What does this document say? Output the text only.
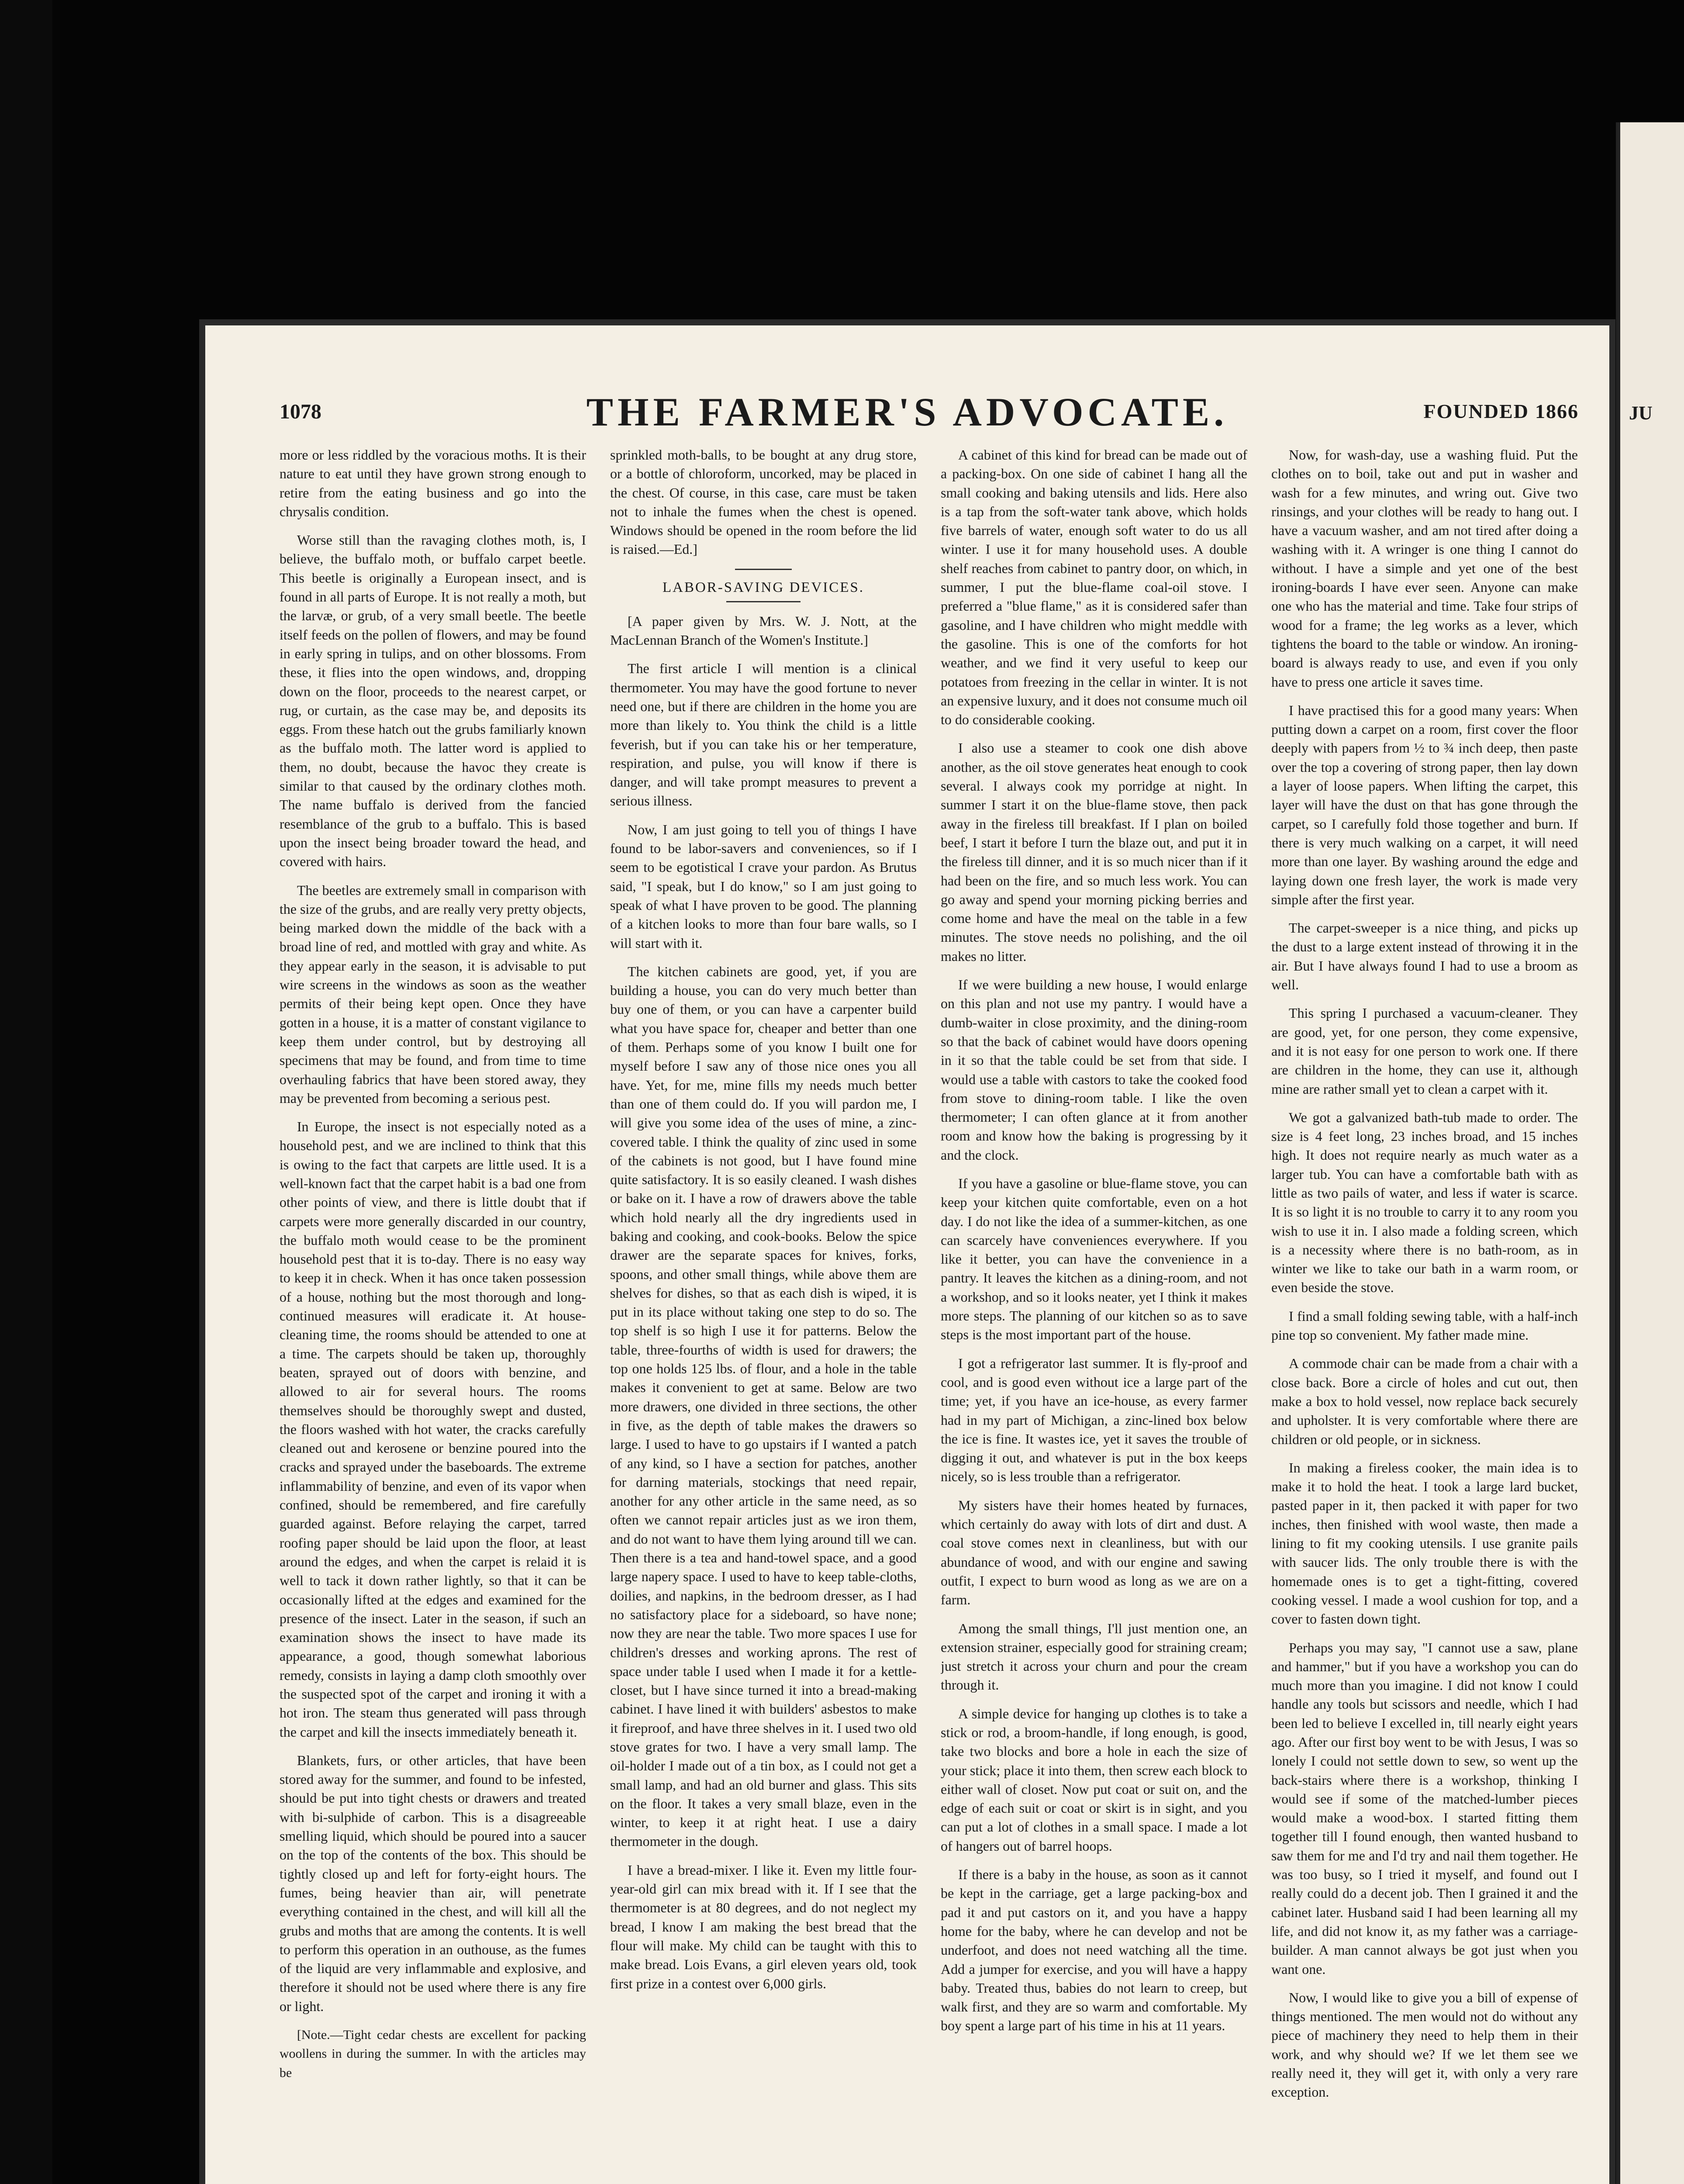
JU
1078	THE FARMER'S ADVOCATE.	FOUNDED 1866

more or less riddled by the voracious moths. It is their nature to eat until they have grown strong enough to retire from the eating business and go into the chrysalis condition.

Worse still than the ravaging clothes moth, is, I believe, the buffalo moth, or buffalo carpet beetle. This beetle is originally a European insect, and is found in all parts of Europe. It is not really a moth, but the larvæ, or grub, of a very small beetle. The beetle itself feeds on the pollen of flowers, and may be found in early spring in tulips, and on other blossoms. From these, it flies into the open windows, and, dropping down on the floor, proceeds to the nearest carpet, or rug, or curtain, as the case may be, and deposits its eggs. From these hatch out the grubs familiarly known as the buffalo moth. The latter word is applied to them, no doubt, because the havoc they create is similar to that caused by the ordinary clothes moth. The name buffalo is derived from the fancied resemblance of the grub to a buffalo. This is based upon the insect being broader toward the head, and covered with hairs.

The beetles are extremely small in comparison with the size of the grubs, and are really very pretty objects, being marked down the middle of the back with a broad line of red, and mottled with gray and white. As they appear early in the season, it is advisable to put wire screens in the windows as soon as the weather permits of their being kept open. Once they have gotten in a house, it is a matter of constant vigilance to keep them under control, but by destroying all specimens that may be found, and from time to time overhauling fabrics that have been stored away, they may be prevented from becoming a serious pest.

In Europe, the insect is not especially noted as a household pest, and we are inclined to think that this is owing to the fact that carpets are little used. It is a well-known fact that the carpet habit is a bad one from other points of view, and there is little doubt that if carpets were more generally discarded in our country, the buffalo moth would cease to be the prominent household pest that it is to-day. There is no easy way to keep it in check. When it has once taken possession of a house, nothing but the most thorough and long-continued measures will eradicate it. At house-cleaning time, the rooms should be attended to one at a time. The carpets should be taken up, thoroughly beaten, sprayed out of doors with benzine, and allowed to air for several hours. The rooms themselves should be thoroughly swept and dusted, the floors washed with hot water, the cracks carefully cleaned out and kerosene or benzine poured into the cracks and sprayed under the baseboards. The extreme inflammability of benzine, and even of its vapor when confined, should be remembered, and fire carefully guarded against. Before relaying the carpet, tarred roofing paper should be laid upon the floor, at least around the edges, and when the carpet is relaid it is well to tack it down rather lightly, so that it can be occasionally lifted at the edges and examined for the presence of the insect. Later in the season, if such an examination shows the insect to have made its appearance, a good, though somewhat laborious remedy, consists in laying a damp cloth smoothly over the suspected spot of the carpet and ironing it with a hot iron. The steam thus generated will pass through the carpet and kill the insects immediately beneath it.

Blankets, furs, or other articles, that have been stored away for the summer, and found to be infested, should be put into tight chests or drawers and treated with bi-sulphide of carbon. This is a disagreeable smelling liquid, which should be poured into a saucer on the top of the contents of the box. This should be tightly closed up and left for forty-eight hours. The fumes, being heavier than air, will penetrate everything contained in the chest, and will kill all the grubs and moths that are among the contents. It is well to perform this operation in an outhouse, as the fumes of the liquid are very inflammable and explosive, and therefore it should not be used where there is any fire or light.

[Note.—Tight cedar chests are excellent for packing woollens in during the summer. In with the articles may be

sprinkled moth-balls, to be bought at any drug store, or a bottle of chloroform, uncorked, may be placed in the chest. Of course, in this case, care must be taken not to inhale the fumes when the chest is opened. Windows should be opened in the room before the lid is raised.—Ed.]

LABOR-SAVING DEVICES.

[A paper given by Mrs. W. J. Nott, at the MacLennan Branch of the Women's Institute.]

The first article I will mention is a clinical thermometer. You may have the good fortune to never need one, but if there are children in the home you are more than likely to. You think the child is a little feverish, but if you can take his or her temperature, respiration, and pulse, you will know if there is danger, and will take prompt measures to prevent a serious illness.

Now, I am just going to tell you of things I have found to be labor-savers and conveniences, so if I seem to be egotistical I crave your pardon. As Brutus said, "I speak, but I do know," so I am just going to speak of what I have proven to be good. The planning of a kitchen looks to more than four bare walls, so I will start with it.

The kitchen cabinets are good, yet, if you are building a house, you can do very much better than buy one of them, or you can have a carpenter build what you have space for, cheaper and better than one of them. Perhaps some of you know I built one for myself before I saw any of those nice ones you all have. Yet, for me, mine fills my needs much better than one of them could do. If you will pardon me, I will give you some idea of the uses of mine, a zinc-covered table. I think the quality of zinc used in some of the cabinets is not good, but I have found mine quite satisfactory. It is so easily cleaned. I wash dishes or bake on it. I have a row of drawers above the table which hold nearly all the dry ingredients used in baking and cooking, and cook-books. Below the spice drawer are the separate spaces for knives, forks, spoons, and other small things, while above them are shelves for dishes, so that as each dish is wiped, it is put in its place without taking one step to do so. The top shelf is so high I use it for patterns. Below the table, three-fourths of width is used for drawers; the top one holds 125 lbs. of flour, and a hole in the table makes it convenient to get at same. Below are two more drawers, one divided in three sections, the other in five, as the depth of table makes the drawers so large. I used to have to go upstairs if I wanted a patch of any kind, so I have a section for patches, another for darning materials, stockings that need repair, another for any other article in the same need, as so often we cannot repair articles just as we iron them, and do not want to have them lying around till we can. Then there is a tea and hand-towel space, and a good large napery space. I used to have to keep table-cloths, doilies, and napkins, in the bedroom dresser, as I had no satisfactory place for a sideboard, so have none; now they are near the table. Two more spaces I use for children's dresses and working aprons. The rest of space under table I used when I made it for a kettle-closet, but I have since turned it into a bread-making cabinet. I have lined it with builders' asbestos to make it fireproof, and have three shelves in it. I used two old stove grates for two. I have a very small lamp. The oil-holder I made out of a tin box, as I could not get a small lamp, and had an old burner and glass. This sits on the floor. It takes a very small blaze, even in the winter, to keep it at right heat. I use a dairy thermometer in the dough.

I have a bread-mixer. I like it. Even my little four-year-old girl can mix bread with it. If I see that the thermometer is at 80 degrees, and do not neglect my bread, I know I am making the best bread that the flour will make. My child can be taught with this to make bread. Lois Evans, a girl eleven years old, took first prize in a contest over 6,000 girls.

A cabinet of this kind for bread can be made out of a packing-box. On one side of cabinet I hang all the small cooking and baking utensils and lids. Here also is a tap from the soft-water tank above, which holds five barrels of water, enough soft water to do us all winter. I use it for many household uses. A double shelf reaches from cabinet to pantry door, on which, in summer, I put the blue-flame coal-oil stove. I preferred a "blue flame," as it is considered safer than gasoline, and I have children who might meddle with the gasoline. This is one of the comforts for hot weather, and we find it very useful to keep our potatoes from freezing in the cellar in winter. It is not an expensive luxury, and it does not consume much oil to do considerable cooking.

I also use a steamer to cook one dish above another, as the oil stove generates heat enough to cook several. I always cook my porridge at night. In summer I start it on the blue-flame stove, then pack away in the fireless till breakfast. If I plan on boiled beef, I start it before I turn the blaze out, and put it in the fireless till dinner, and it is so much nicer than if it had been on the fire, and so much less work. You can go away and spend your morning picking berries and come home and have the meal on the table in a few minutes. The stove needs no polishing, and the oil makes no litter.

If we were building a new house, I would enlarge on this plan and not use my pantry. I would have a dumb-waiter in close proximity, and the dining-room so that the back of cabinet would have doors opening in it so that the table could be set from that side. I would use a table with castors to take the cooked food from stove to dining-room table. I like the oven thermometer; I can often glance at it from another room and know how the baking is progressing by it and the clock.

If you have a gasoline or blue-flame stove, you can keep your kitchen quite comfortable, even on a hot day. I do not like the idea of a summer-kitchen, as one can scarcely have conveniences everywhere. If you like it better, you can have the convenience in a pantry. It leaves the kitchen as a dining-room, and not a workshop, and so it looks neater, yet I think it makes more steps. The planning of our kitchen so as to save steps is the most important part of the house.

I got a refrigerator last summer. It is fly-proof and cool, and is good even without ice a large part of the time; yet, if you have an ice-house, as every farmer had in my part of Michigan, a zinc-lined box below the ice is fine. It wastes ice, yet it saves the trouble of digging it out, and whatever is put in the box keeps nicely, so is less trouble than a refrigerator.

My sisters have their homes heated by furnaces, which certainly do away with lots of dirt and dust. A coal stove comes next in cleanliness, but with our abundance of wood, and with our engine and sawing outfit, I expect to burn wood as long as we are on a farm.

Among the small things, I'll just mention one, an extension strainer, especially good for straining cream; just stretch it across your churn and pour the cream through it.

A simple device for hanging up clothes is to take a stick or rod, a broom-handle, if long enough, is good, take two blocks and bore a hole in each the size of your stick; place it into them, then screw each block to either wall of closet. Now put coat or suit on, and the edge of each suit or coat or skirt is in sight, and you can put a lot of clothes in a small space. I made a lot of hangers out of barrel hoops.

If there is a baby in the house, as soon as it cannot be kept in the carriage, get a large packing-box and pad it and put castors on it, and you have a happy home for the baby, where he can develop and not be underfoot, and does not need watching all the time. Add a jumper for exercise, and you will have a happy baby. Treated thus, babies do not learn to creep, but walk first, and they are so warm and comfortable. My boy spent a large part of his time in his at 11 years.

Now, for wash-day, use a washing fluid. Put the clothes on to boil, take out and put in washer and wash for a few minutes, and wring out. Give two rinsings, and your clothes will be ready to hang out. I have a vacuum washer, and am not tired after doing a washing with it. A wringer is one thing I cannot do without. I have a simple and yet one of the best ironing-boards I have ever seen. Anyone can make one who has the material and time. Take four strips of wood for a frame; the leg works as a lever, which tightens the board to the table or window. An ironing-board is always ready to use, and even if you only have to press one article it saves time.

I have practised this for a good many years: When putting down a carpet on a room, first cover the floor deeply with papers from ½ to ¾ inch deep, then paste over the top a covering of strong paper, then lay down a layer of loose papers. When lifting the carpet, this layer will have the dust on that has gone through the carpet, so I carefully fold those together and burn. If there is very much walking on a carpet, it will need more than one layer. By washing around the edge and laying down one fresh layer, the work is made very simple after the first year.

The carpet-sweeper is a nice thing, and picks up the dust to a large extent instead of throwing it in the air. But I have always found I had to use a broom as well.

This spring I purchased a vacuum-cleaner. They are good, yet, for one person, they come expensive, and it is not easy for one person to work one. If there are children in the home, they can use it, although mine are rather small yet to clean a carpet with it.

We got a galvanized bath-tub made to order. The size is 4 feet long, 23 inches broad, and 15 inches high. It does not require nearly as much water as a larger tub. You can have a comfortable bath with as little as two pails of water, and less if water is scarce. It is so light it is no trouble to carry it to any room you wish to use it in. I also made a folding screen, which is a necessity where there is no bath-room, as in winter we like to take our bath in a warm room, or even beside the stove.

I find a small folding sewing table, with a half-inch pine top so convenient. My father made mine.

A commode chair can be made from a chair with a close back. Bore a circle of holes and cut out, then make a box to hold vessel, now replace back securely and upholster. It is very comfortable where there are children or old people, or in sickness.

In making a fireless cooker, the main idea is to make it to hold the heat. I took a large lard bucket, pasted paper in it, then packed it with paper for two inches, then finished with wool waste, then made a lining to fit my cooking utensils. I use granite pails with saucer lids. The only trouble there is with the homemade ones is to get a tight-fitting, covered cooking vessel. I made a wool cushion for top, and a cover to fasten down tight.

Perhaps you may say, "I cannot use a saw, plane and hammer," but if you have a workshop you can do much more than you imagine. I did not know I could handle any tools but scissors and needle, which I had been led to believe I excelled in, till nearly eight years ago. After our first boy went to be with Jesus, I was so lonely I could not settle down to sew, so went up the back-stairs where there is a workshop, thinking I would see if some of the matched-lumber pieces would make a wood-box. I started fitting them together till I found enough, then wanted husband to saw them for me and I'd try and nail them together. He was too busy, so I tried it myself, and found out I really could do a decent job. Then I grained it and the cabinet later. Husband said I had been learning all my life, and did not know it, as my father was a carriage-builder. A man cannot always be got just when you want one.

Now, I would like to give you a bill of expense of things mentioned. The men would not do without any piece of machinery they need to help them in their work, and why should we? If we let them see we really need it, they will get it, with only a very rare exception.
